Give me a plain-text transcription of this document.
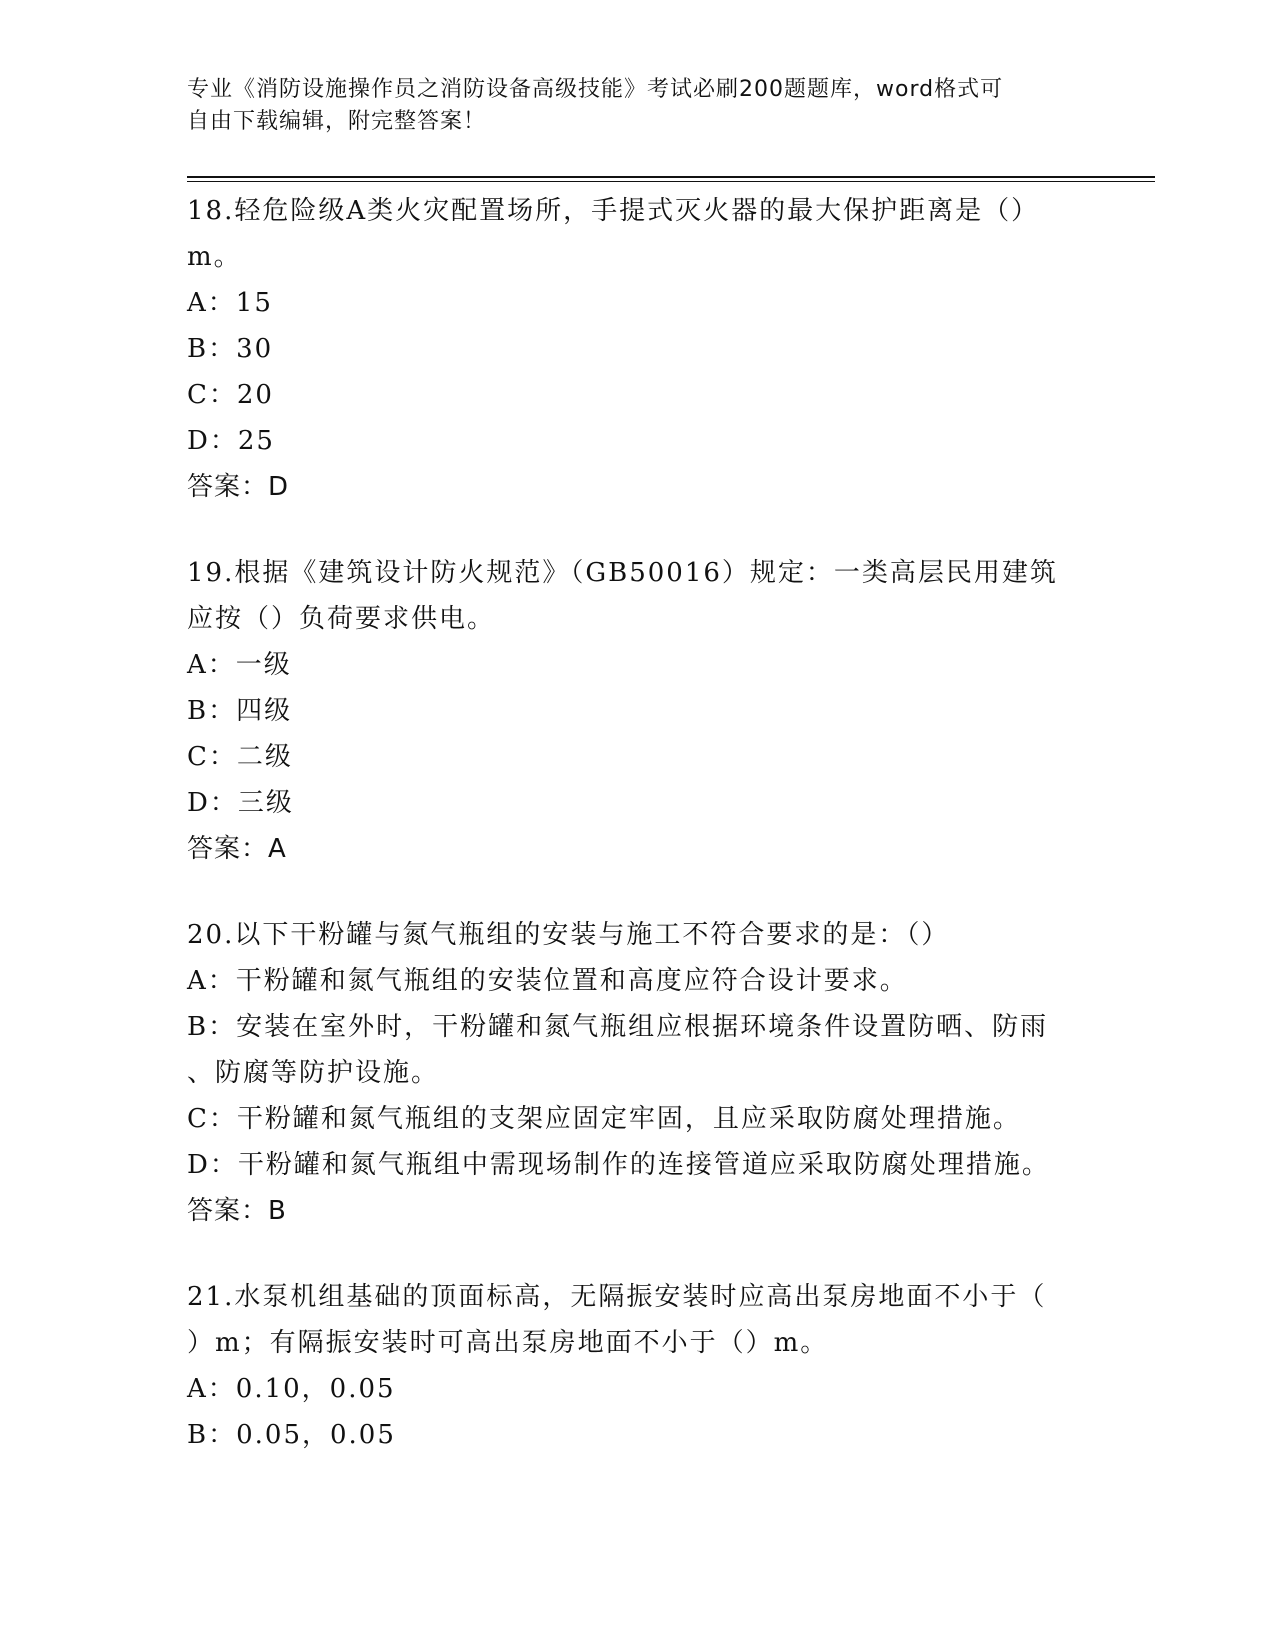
专业《消防设施操作员之消防设备高级技能》考试必刷200题题库，word格式可
自由下载编辑，附完整答案！
18.轻危险级A类火灾配置场所，手提式灭火器的最大保护距离是（）
m。
A：15
B：30
C：20
D：25
答案：D
19.根据《建筑设计防火规范》（GB50016）规定：一类高层民用建筑
应按（）负荷要求供电。
A：一级
B：四级
C：二级
D：三级
答案：A
20.以下干粉罐与氮气瓶组的安装与施工不符合要求的是：（）
A：干粉罐和氮气瓶组的安装位置和高度应符合设计要求。
B：安装在室外时，干粉罐和氮气瓶组应根据环境条件设置防晒、防雨
、防腐等防护设施。
C：干粉罐和氮气瓶组的支架应固定牢固，且应采取防腐处理措施。
D：干粉罐和氮气瓶组中需现场制作的连接管道应采取防腐处理措施。
答案：B
21.水泵机组基础的顶面标高，无隔振安装时应高出泵房地面不小于（
）m；有隔振安装时可高出泵房地面不小于（）m。
A：0.10，0.05
B：0.05，0.05
